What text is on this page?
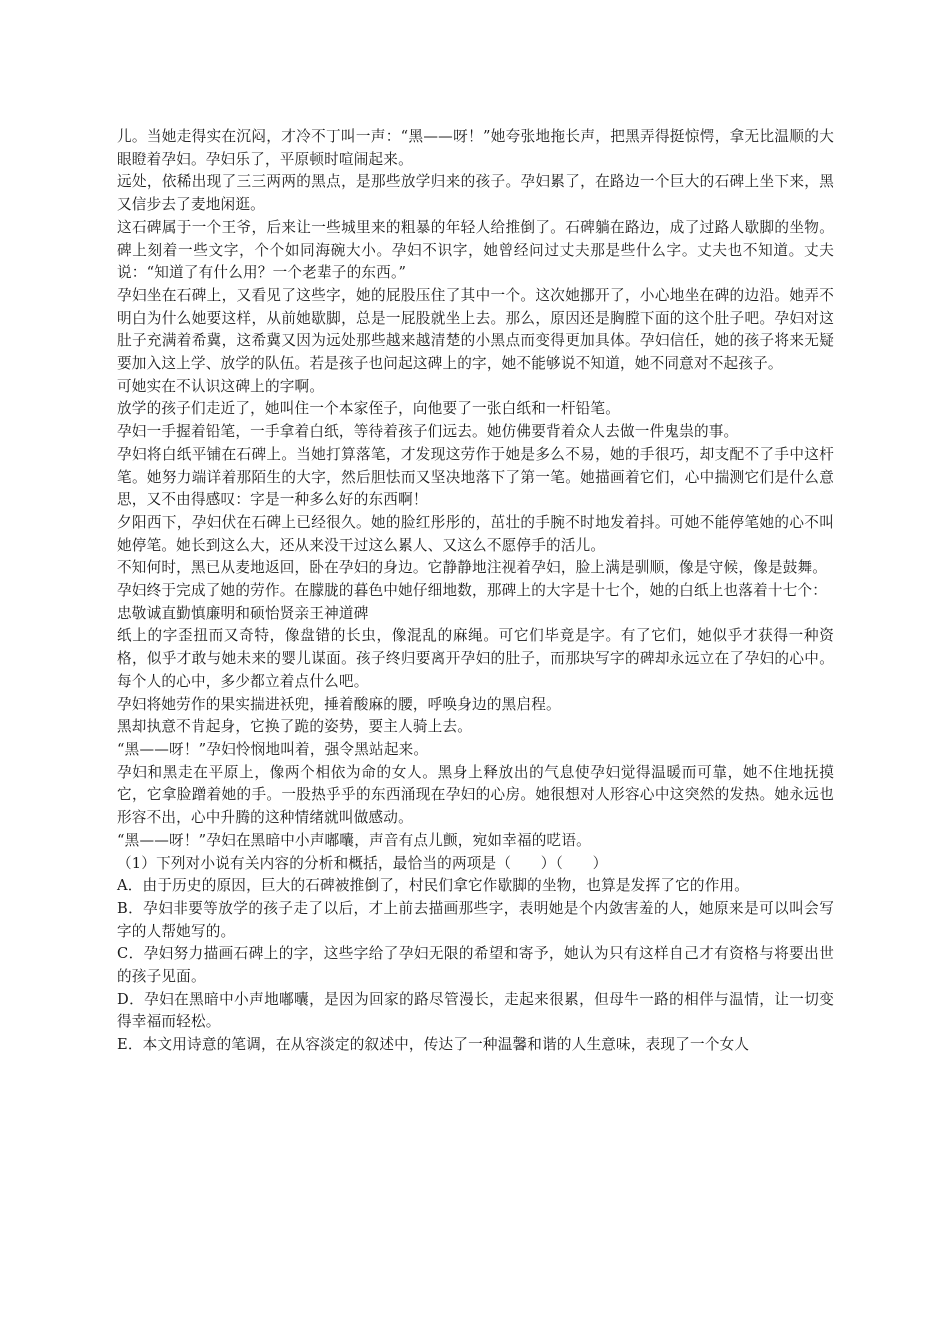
儿。当她走得实在沉闷，才冷不丁叫一声：“黑——呀！”她夸张地拖长声，把黑弄得挺惊愕，拿无比温顺的大眼瞪着孕妇。孕妇乐了，平原顿时喧闹起来。

远处，依稀出现了三三两两的黑点，是那些放学归来的孩子。孕妇累了，在路边一个巨大的石碑上坐下来，黑又信步去了麦地闲逛。

这石碑属于一个王爷，后来让一些城里来的粗暴的年轻人给推倒了。石碑躺在路边，成了过路人歇脚的坐物。碑上刻着一些文字，个个如同海碗大小。孕妇不识字，她曾经问过丈夫那是些什么字。丈夫也不知道。丈夫说：“知道了有什么用？一个老辈子的东西。”

孕妇坐在石碑上，又看见了这些字，她的屁股压住了其中一个。这次她挪开了，小心地坐在碑的边沿。她弄不明白为什么她要这样，从前她歇脚，总是一屁股就坐上去。那么，原因还是胸膛下面的这个肚子吧。孕妇对这肚子充满着希冀，这希冀又因为远处那些越来越清楚的小黑点而变得更加具体。孕妇信任，她的孩子将来无疑要加入这上学、放学的队伍。若是孩子也问起这碑上的字，她不能够说不知道，她不同意对不起孩子。

可她实在不认识这碑上的字啊。

放学的孩子们走近了，她叫住一个本家侄子，向他要了一张白纸和一杆铅笔。

孕妇一手握着铅笔，一手拿着白纸，等待着孩子们远去。她仿佛要背着众人去做一件鬼祟的事。

孕妇将白纸平铺在石碑上。当她打算落笔，才发现这劳作于她是多么不易，她的手很巧，却支配不了手中这杆笔。她努力端详着那陌生的大字，然后胆怯而又坚决地落下了第一笔。她描画着它们，心中揣测它们是什么意思，又不由得感叹：字是一种多么好的东西啊！

夕阳西下，孕妇伏在石碑上已经很久。她的脸红彤彤的，茁壮的手腕不时地发着抖。可她不能停笔她的心不叫她停笔。她长到这么大，还从来没干过这么累人、又这么不愿停手的活儿。

不知何时，黑已从麦地返回，卧在孕妇的身边。它静静地注视着孕妇，脸上满是驯顺，像是守候，像是鼓舞。

孕妇终于完成了她的劳作。在朦胧的暮色中她仔细地数，那碑上的大字是十七个，她的白纸上也落着十七个：

忠敬诚直勤慎廉明和硕怡贤亲王神道碑

纸上的字歪扭而又奇特，像盘错的长虫，像混乱的麻绳。可它们毕竟是字。有了它们，她似乎才获得一种资格，似乎才敢与她未来的婴儿谋面。孩子终归要离开孕妇的肚子，而那块写字的碑却永远立在了孕妇的心中。每个人的心中，多少都立着点什么吧。

孕妇将她劳作的果实揣进袄兜，捶着酸麻的腰，呼唤身边的黑启程。

黑却执意不肯起身，它换了跪的姿势，要主人骑上去。

“黑——呀！”孕妇怜悯地叫着，强令黑站起来。

孕妇和黑走在平原上，像两个相依为命的女人。黑身上释放出的气息使孕妇觉得温暖而可靠，她不住地抚摸它，它拿脸蹭着她的手。一股热乎乎的东西涌现在孕妇的心房。她很想对人形容心中这突然的发热。她永远也形容不出，心中升腾的这种情绪就叫做感动。

“黑——呀！”孕妇在黑暗中小声嘟囔，声音有点儿颤，宛如幸福的呓语。

（1）下列对小说有关内容的分析和概括，最恰当的两项是（　　）（　　）

A．由于历史的原因，巨大的石碑被推倒了，村民们拿它作歇脚的坐物，也算是发挥了它的作用。

B．孕妇非要等放学的孩子走了以后，才上前去描画那些字，表明她是个内敛害羞的人，她原来是可以叫会写字的人帮她写的。

C．孕妇努力描画石碑上的字，这些字给了孕妇无限的希望和寄予，她认为只有这样自己才有资格与将要出世的孩子见面。

D．孕妇在黑暗中小声地嘟囔，是因为回家的路尽管漫长，走起来很累，但母牛一路的相伴与温情，让一切变得幸福而轻松。

E．本文用诗意的笔调，在从容淡定的叙述中，传达了一种温馨和谐的人生意味，表现了一个女人
